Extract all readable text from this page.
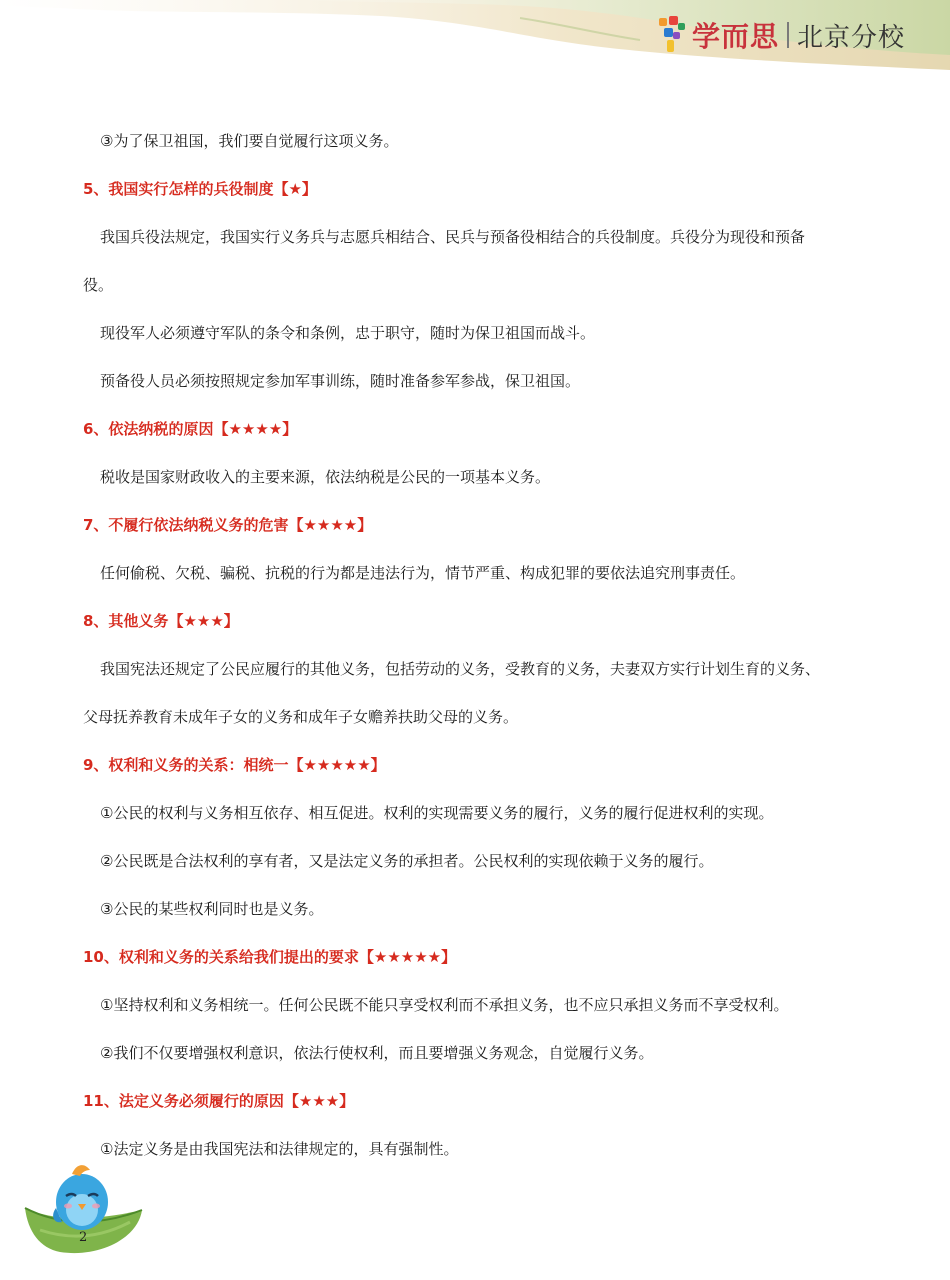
学而思 北京分校

③为了保卫祖国，我们要自觉履行这项义务。

5、我国实行怎样的兵役制度【★】

我国兵役法规定，我国实行义务兵与志愿兵相结合、民兵与预备役相结合的兵役制度。兵役分为现役和预备

役。

现役军人必须遵守军队的条令和条例，忠于职守，随时为保卫祖国而战斗。

预备役人员必须按照规定参加军事训练，随时准备参军参战，保卫祖国。

6、依法纳税的原因【★★★★】

税收是国家财政收入的主要来源，依法纳税是公民的一项基本义务。

7、不履行依法纳税义务的危害【★★★★】

任何偷税、欠税、骗税、抗税的行为都是违法行为，情节严重、构成犯罪的要依法追究刑事责任。

8、其他义务【★★★】

我国宪法还规定了公民应履行的其他义务，包括劳动的义务，受教育的义务，夫妻双方实行计划生育的义务、

父母抚养教育未成年子女的义务和成年子女赡养扶助父母的义务。

9、权利和义务的关系：相统一【★★★★★】

①公民的权利与义务相互依存、相互促进。权利的实现需要义务的履行，义务的履行促进权利的实现。

②公民既是合法权利的享有者，又是法定义务的承担者。公民权利的实现依赖于义务的履行。

③公民的某些权利同时也是义务。

10、权利和义务的关系给我们提出的要求【★★★★★】

①坚持权利和义务相统一。任何公民既不能只享受权利而不承担义务，也不应只承担义务而不享受权利。

②我们不仅要增强权利意识，依法行使权利，而且要增强义务观念，自觉履行义务。

11、法定义务必须履行的原因【★★★】

①法定义务是由我国宪法和法律规定的，具有强制性。

2
